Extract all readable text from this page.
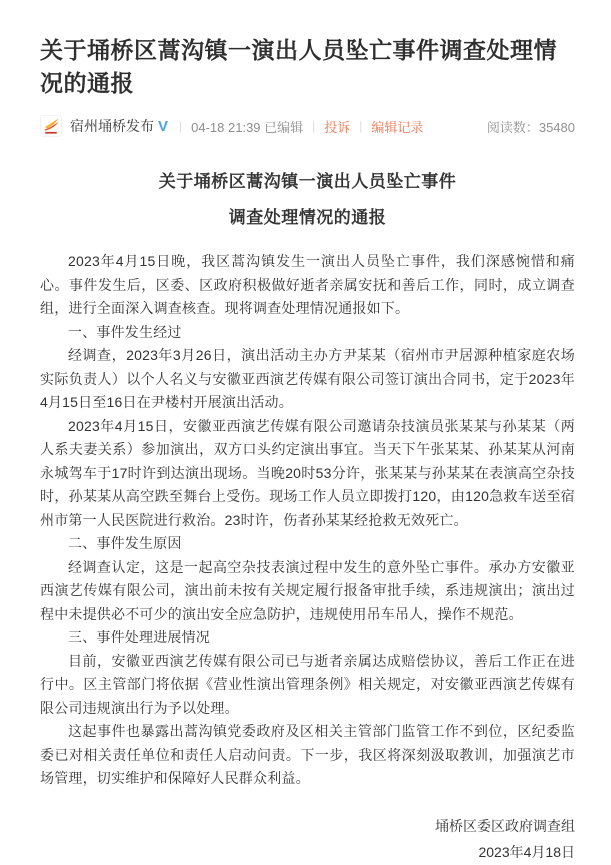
关于埇桥区蒿沟镇一演出人员坠亡事件调查处理情况的通报
宿州埇桥发布 V | 04-18 21:39 已编辑 | 投诉 | 编辑记录	阅读数：35480
关于埇桥区蒿沟镇一演出人员坠亡事件
调查处理情况的通报

2023年4月15日晚，我区蒿沟镇发生一演出人员坠亡事件，我们深感惋惜和痛心。事件发生后，区委、区政府积极做好逝者亲属安抚和善后工作，同时，成立调查组，进行全面深入调查核查。现将调查处理情况通报如下。

一、事件发生经过

经调查，2023年3月26日，演出活动主办方尹某某（宿州市尹居源种植家庭农场实际负责人）以个人名义与安徽亚西演艺传媒有限公司签订演出合同书，定于2023年4月15日至16日在尹楼村开展演出活动。

2023年4月15日，安徽亚西演艺传媒有限公司邀请杂技演员张某某与孙某某（两人系夫妻关系）参加演出，双方口头约定演出事宜。当天下午张某某、孙某某从河南永城驾车于17时许到达演出现场。当晚20时53分许，张某某与孙某某在表演高空杂技时，孙某某从高空跌至舞台上受伤。现场工作人员立即拨打120，由120急救车送至宿州市第一人民医院进行救治。23时许，伤者孙某某经抢救无效死亡。

二、事件发生原因

经调查认定，这是一起高空杂技表演过程中发生的意外坠亡事件。承办方安徽亚西演艺传媒有限公司，演出前未按有关规定履行报备审批手续，系违规演出；演出过程中未提供必不可少的演出安全应急防护，违规使用吊车吊人，操作不规范。

三、事件处理进展情况

目前，安徽亚西演艺传媒有限公司已与逝者亲属达成赔偿协议，善后工作正在进行中。区主管部门将依据《营业性演出管理条例》相关规定，对安徽亚西演艺传媒有限公司违规演出行为予以处理。

这起事件也暴露出蒿沟镇党委政府及区相关主管部门监管工作不到位，区纪委监委已对相关责任单位和责任人启动问责。下一步，我区将深刻汲取教训，加强演艺市场管理，切实维护和保障好人民群众利益。

埇桥区委区政府调查组
2023年4月18日
